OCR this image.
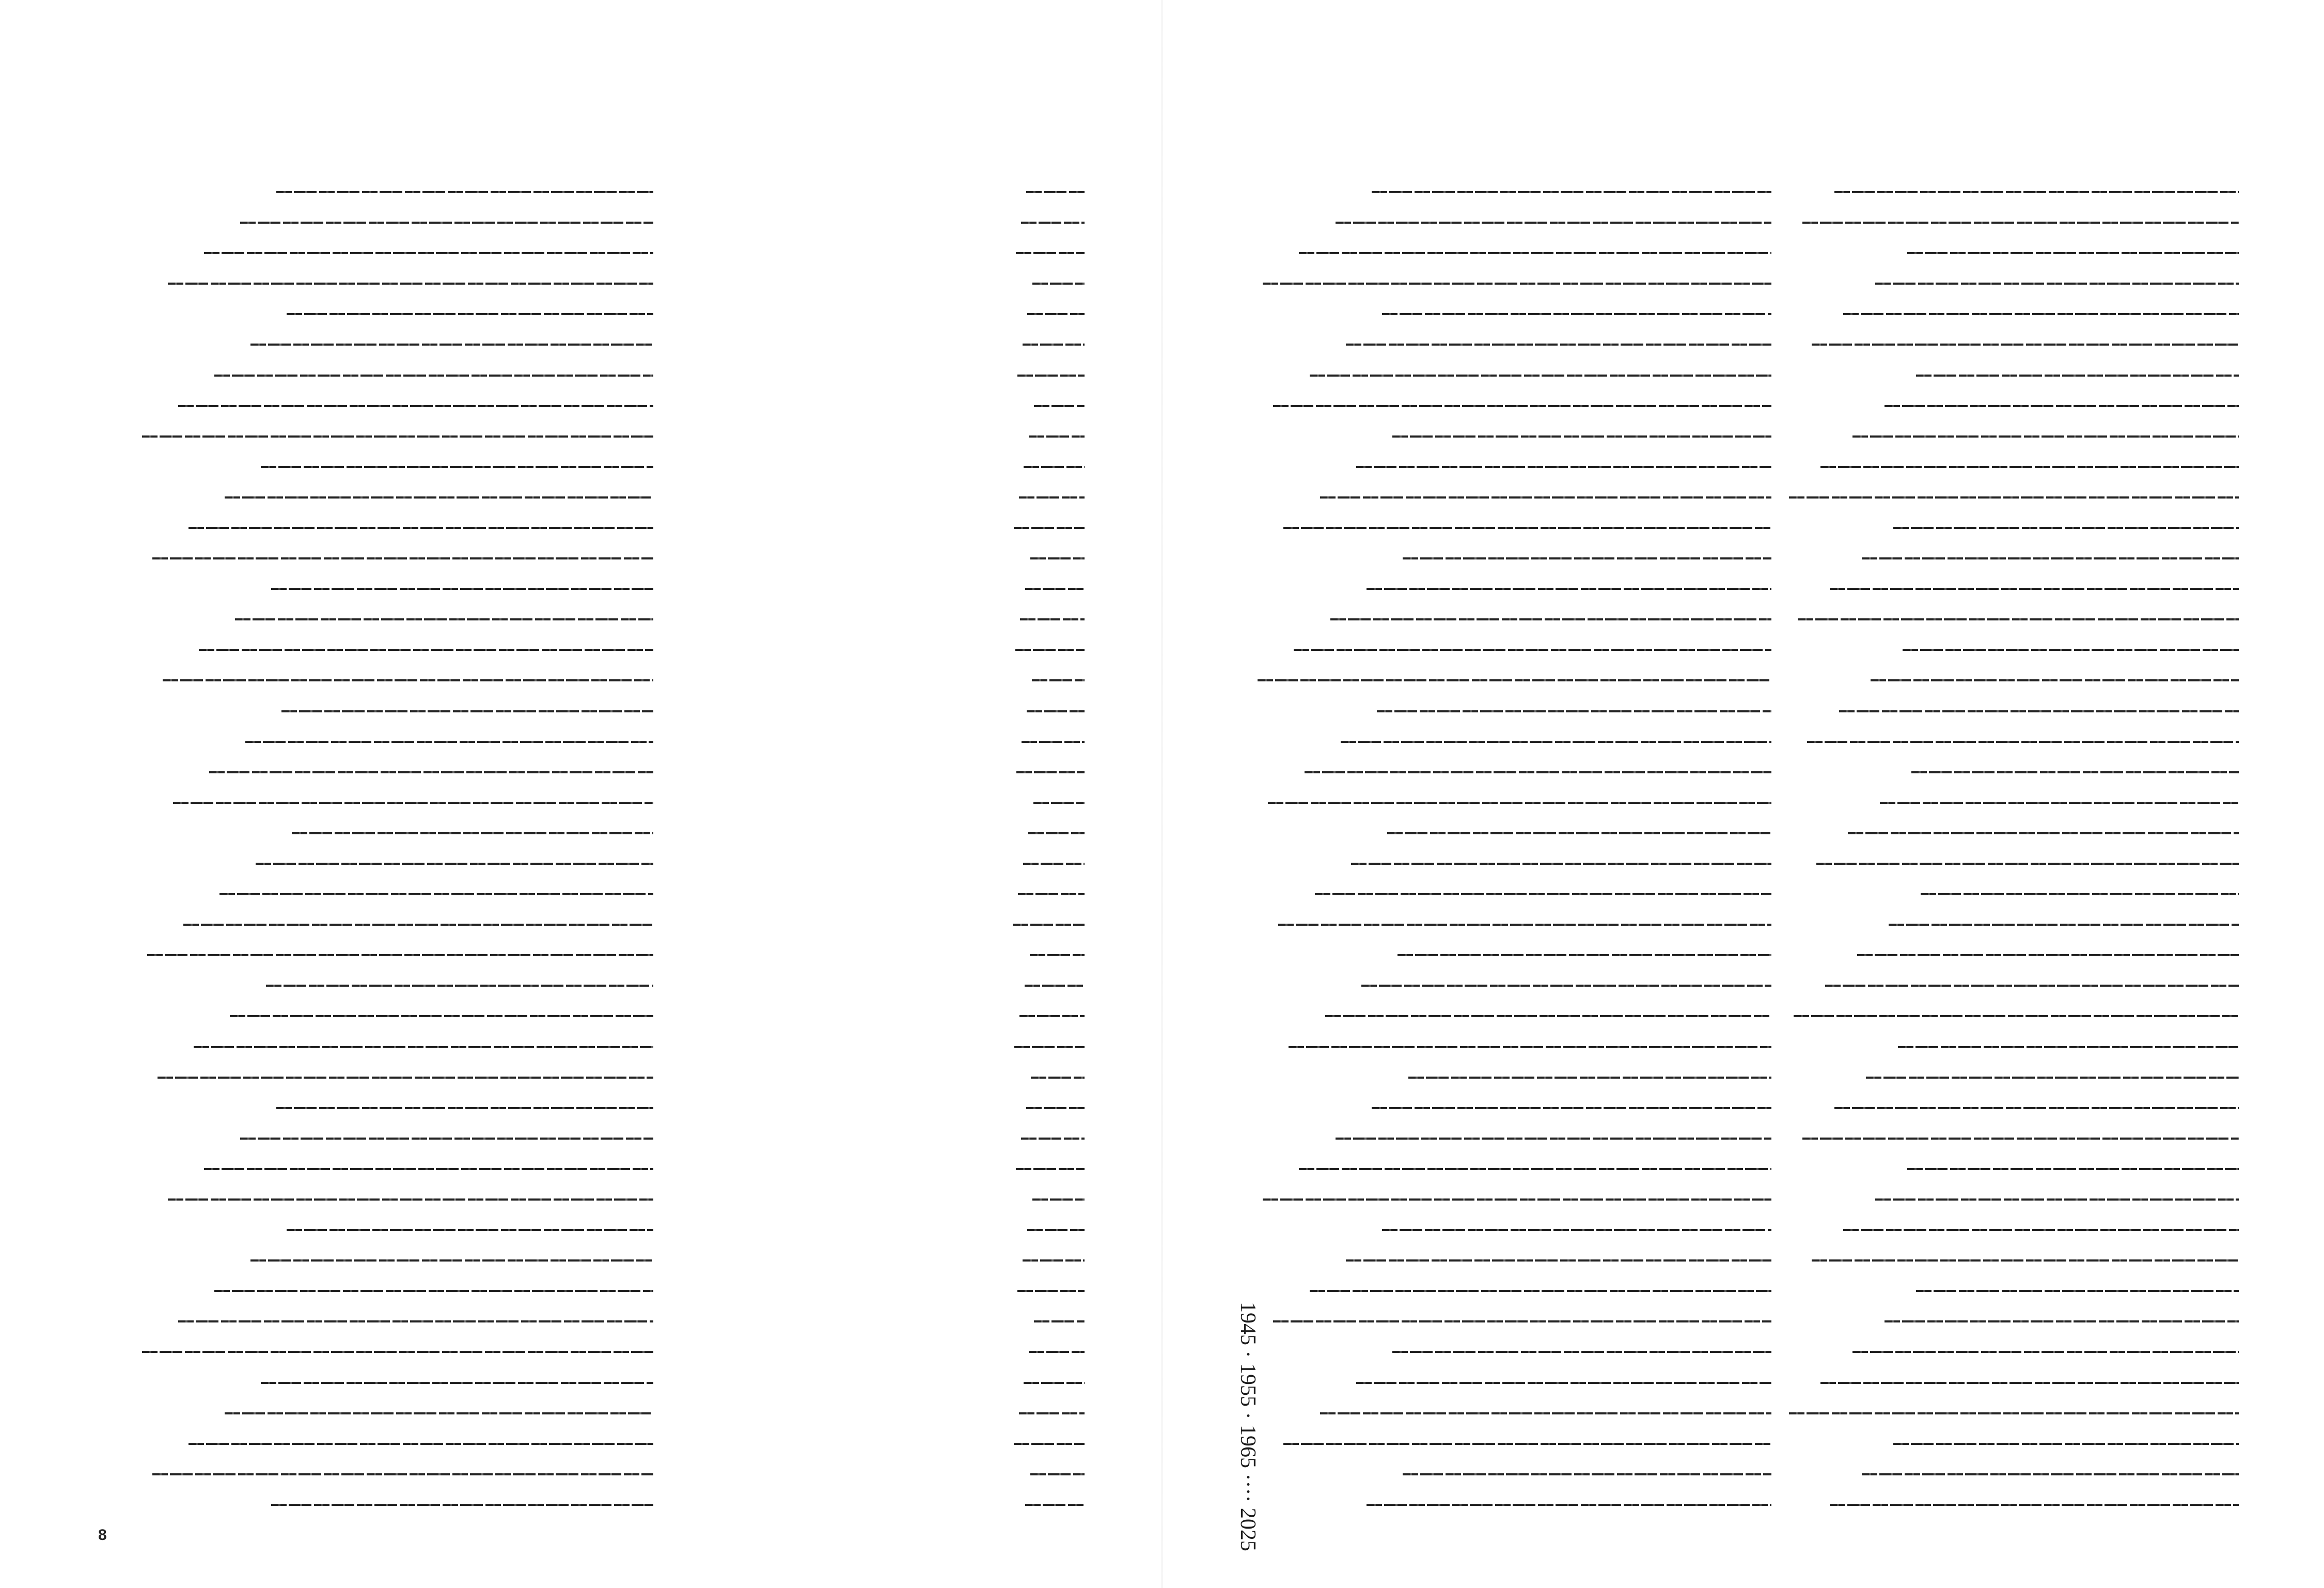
8	1945 · 1955 · 1965 ···· 2025
